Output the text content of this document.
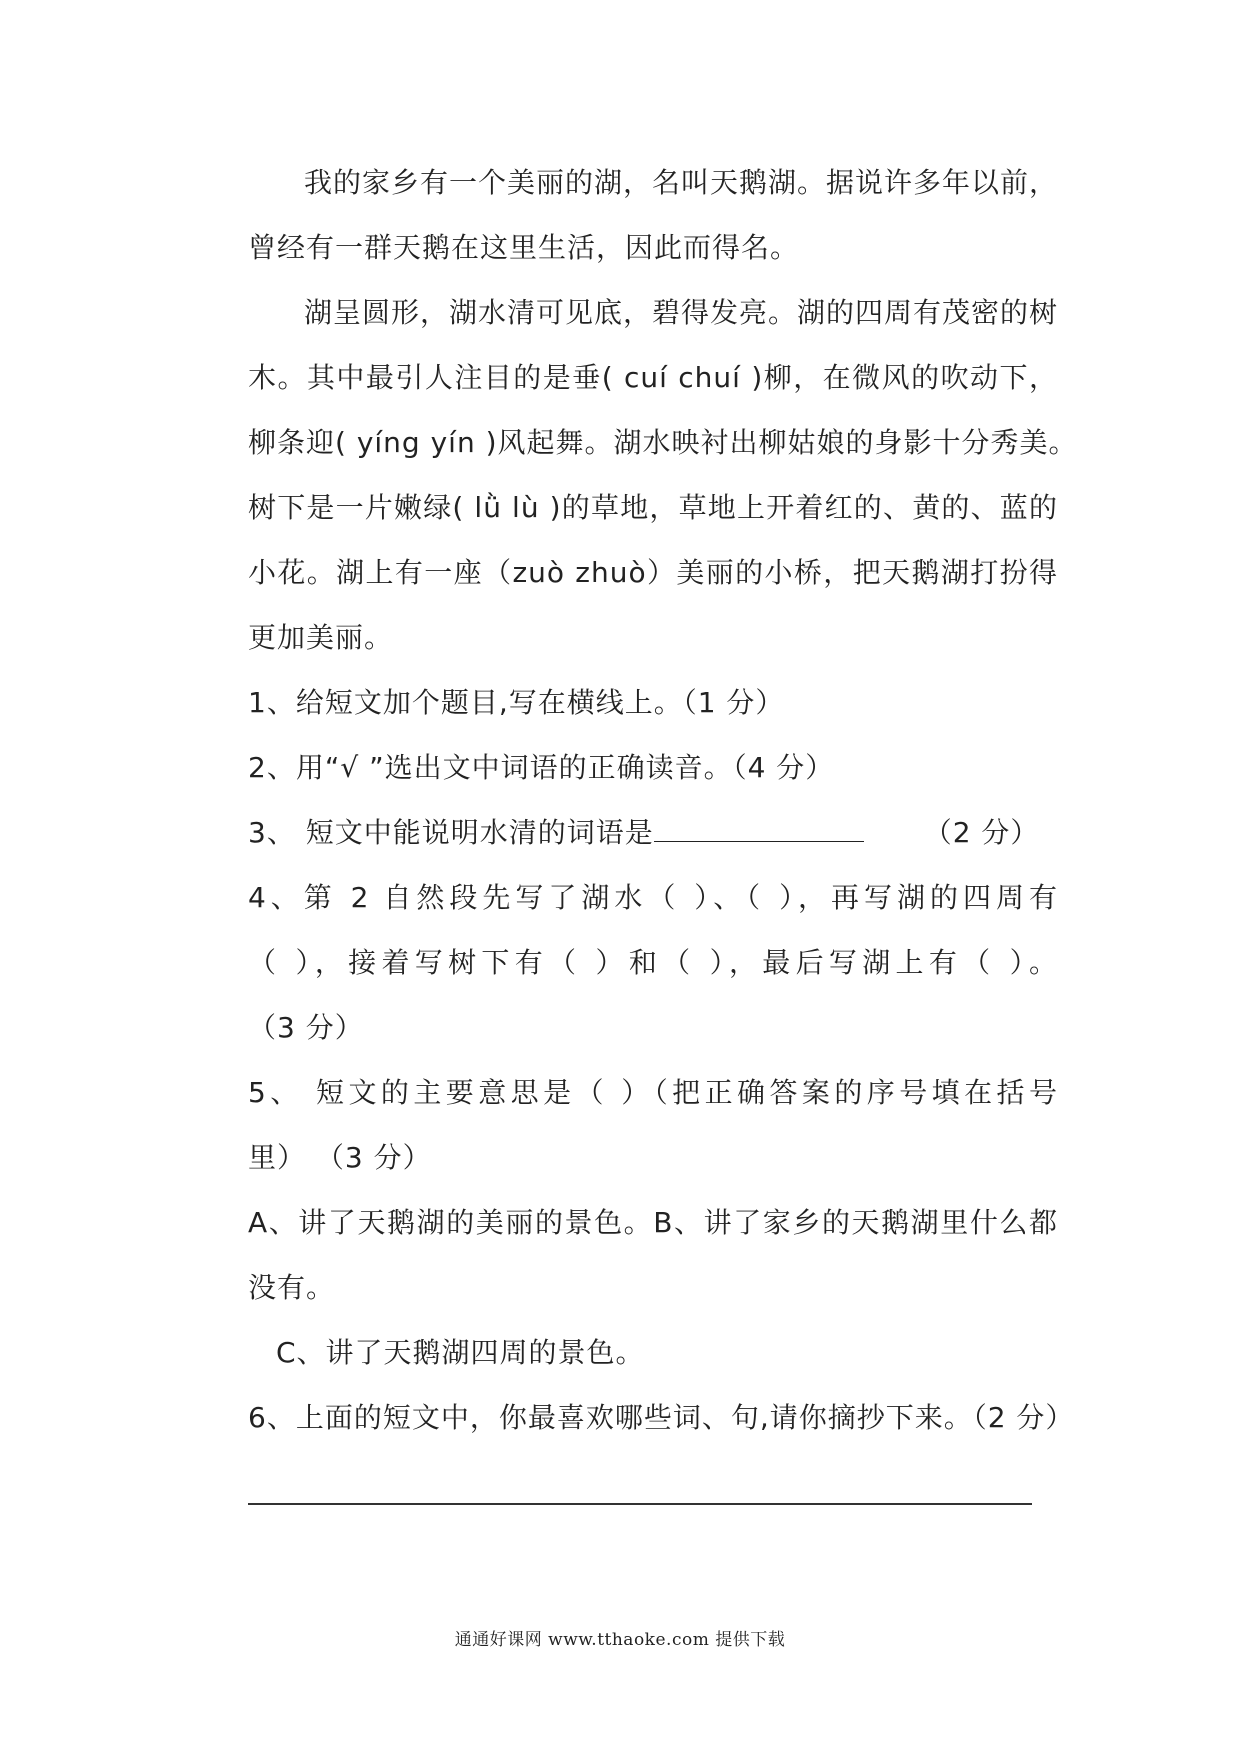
我的家乡有一个美丽的湖，名叫天鹅湖。据说许多年以前，
曾经有一群天鹅在这里生活，因此而得名。
湖呈圆形，湖水清可见底，碧得发亮。湖的四周有茂密的树
木。其中最引人注目的是垂( cuí chuí )柳，在微风的吹动下，
柳条迎( yíng yín )风起舞。湖水映衬出柳姑娘的身影十分秀美。
树下是一片嫩绿( lǜ lù )的草地，草地上开着红的、黄的、蓝的
小花。湖上有一座（zuò zhuò）美丽的小桥，把天鹅湖打扮得
更加美丽。
1、给短文加个题目,写在横线上。（1 分）
2、用“√ ”选出文中词语的正确读音。（4 分）
3、 短文中能说明水清的词语是	（2 分）
4、第 2 自然段先写了湖水（ ）、（ ），再写湖的四周有
（ ），接着写树下有（ ）和（ ），最后写湖上有（ ）。
（3 分）
5、 短文的主要意思是（ ）（把正确答案的序号填在括号
里） （3 分）
A、讲了天鹅湖的美丽的景色。B、讲了家乡的天鹅湖里什么都
没有。
C、讲了天鹅湖四周的景色。
6、上面的短文中，你最喜欢哪些词、句,请你摘抄下来。（2 分）
通通好课网 www.tthaoke.com 提供下载
